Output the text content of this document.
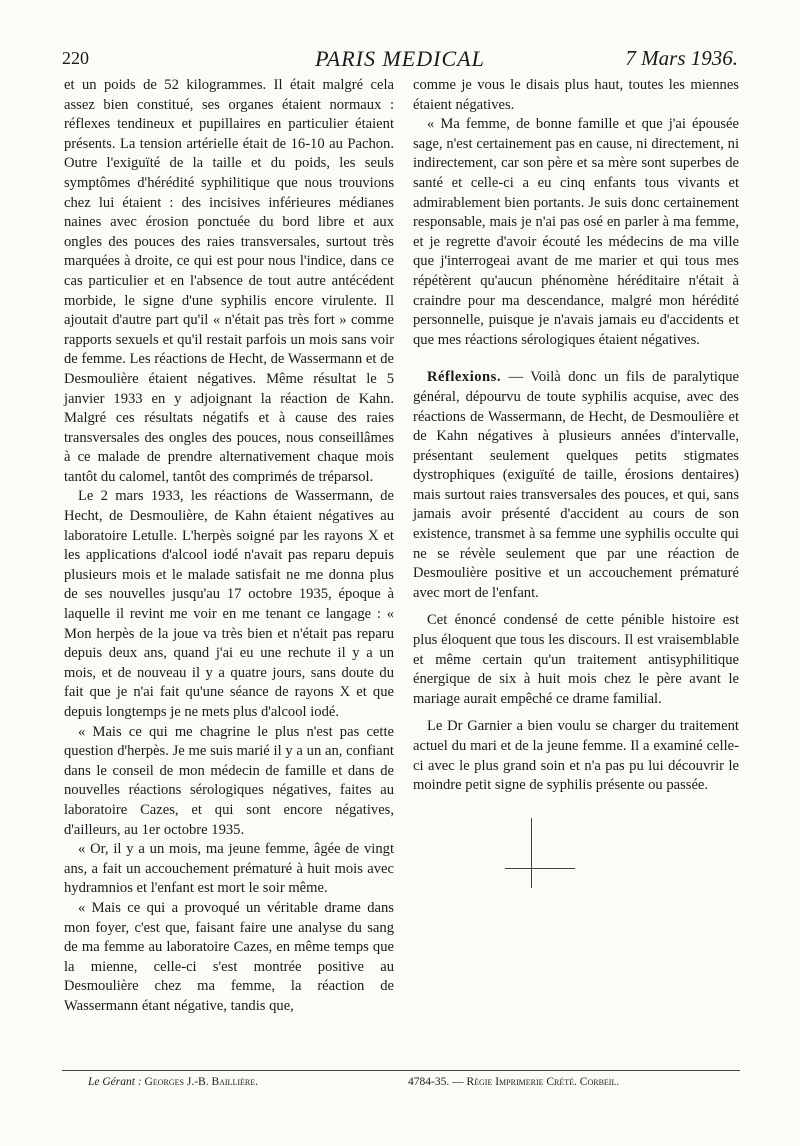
220	PARIS MEDICAL	7 Mars 1936.

et un poids de 52 kilogrammes. Il était malgré cela assez bien constitué, ses organes étaient normaux : réflexes tendineux et pupillaires en particulier étaient présents. La tension artérielle était de 16-10 au Pachon. Outre l'exiguïté de la taille et du poids, les seuls symptômes d'hérédité syphilitique que nous trouvions chez lui étaient : des incisives inférieures médianes naines avec érosion ponctuée du bord libre et aux ongles des pouces des raies transversales, surtout très marquées à droite, ce qui est pour nous l'indice, dans ce cas particulier et en l'absence de tout autre antécédent morbide, le signe d'une syphilis encore virulente. Il ajoutait d'autre part qu'il « n'était pas très fort » comme rapports sexuels et qu'il restait parfois un mois sans voir de femme. Les réactions de Hecht, de Wassermann et de Desmoulière étaient négatives. Même résultat le 5 janvier 1933 en y adjoignant la réaction de Kahn. Malgré ces résultats négatifs et à cause des raies transversales des ongles des pouces, nous conseillâmes à ce malade de prendre alternativement chaque mois tantôt du calomel, tantôt des comprimés de tréparsol.

Le 2 mars 1933, les réactions de Wassermann, de Hecht, de Desmoulière, de Kahn étaient négatives au laboratoire Letulle. L'herpès soigné par les rayons X et les applications d'alcool iodé n'avait pas reparu depuis plusieurs mois et le malade satisfait ne me donna plus de ses nouvelles jusqu'au 17 octobre 1935, époque à laquelle il revint me voir en me tenant ce langage : « Mon herpès de la joue va très bien et n'était pas reparu depuis deux ans, quand j'ai eu une rechute il y a un mois, et de nouveau il y a quatre jours, sans doute du fait que je n'ai fait qu'une séance de rayons X et que depuis longtemps je ne mets plus d'alcool iodé.

« Mais ce qui me chagrine le plus n'est pas cette question d'herpès. Je me suis marié il y a un an, confiant dans le conseil de mon médecin de famille et dans de nouvelles réactions sérologiques négatives, faites au laboratoire Cazes, et qui sont encore négatives, d'ailleurs, au 1er octobre 1935.

« Or, il y a un mois, ma jeune femme, âgée de vingt ans, a fait un accouchement prématuré à huit mois avec hydramnios et l'enfant est mort le soir même.

« Mais ce qui a provoqué un véritable drame dans mon foyer, c'est que, faisant faire une analyse du sang de ma femme au laboratoire Cazes, en même temps que la mienne, celle-ci s'est montrée positive au Desmoulière chez ma femme, la réaction de Wassermann étant négative, tandis que,

comme je vous le disais plus haut, toutes les miennes étaient négatives.

« Ma femme, de bonne famille et que j'ai épousée sage, n'est certainement pas en cause, ni directement, ni indirectement, car son père et sa mère sont superbes de santé et celle-ci a eu cinq enfants tous vivants et admirablement bien portants. Je suis donc certainement responsable, mais je n'ai pas osé en parler à ma femme, et je regrette d'avoir écouté les médecins de ma ville que j'interrogeai avant de me marier et qui tous mes répétèrent qu'aucun phénomène héréditaire n'était à craindre pour ma descendance, malgré mon hérédité personnelle, puisque je n'avais jamais eu d'accidents et que mes réactions sérologiques étaient négatives.

Réflexions. — Voilà donc un fils de paralytique général, dépourvu de toute syphilis acquise, avec des réactions de Wassermann, de Hecht, de Desmoulière et de Kahn négatives à plusieurs années d'intervalle, présentant seulement quelques petits stigmates dystrophiques (exiguïté de taille, érosions dentaires) mais surtout raies transversales des pouces, et qui, sans jamais avoir présenté d'accident au cours de son existence, transmet à sa femme une syphilis occulte qui ne se révèle seulement que par une réaction de Desmoulière positive et un accouchement prématuré avec mort de l'enfant.

Cet énoncé condensé de cette pénible histoire est plus éloquent que tous les discours. Il est vraisemblable et même certain qu'un traitement antisyphilitique énergique de six à huit mois chez le père avant le mariage aurait empêché ce drame familial.

Le Dr Garnier a bien voulu se charger du traitement actuel du mari et de la jeune femme. Il a examiné celle-ci avec le plus grand soin et n'a pas pu lui découvrir le moindre petit signe de syphilis présente ou passée.

Le Gérant : Georges J.-B. Baillière.	4784-35. — Régie Imprimerie Crété. Corbeil.
